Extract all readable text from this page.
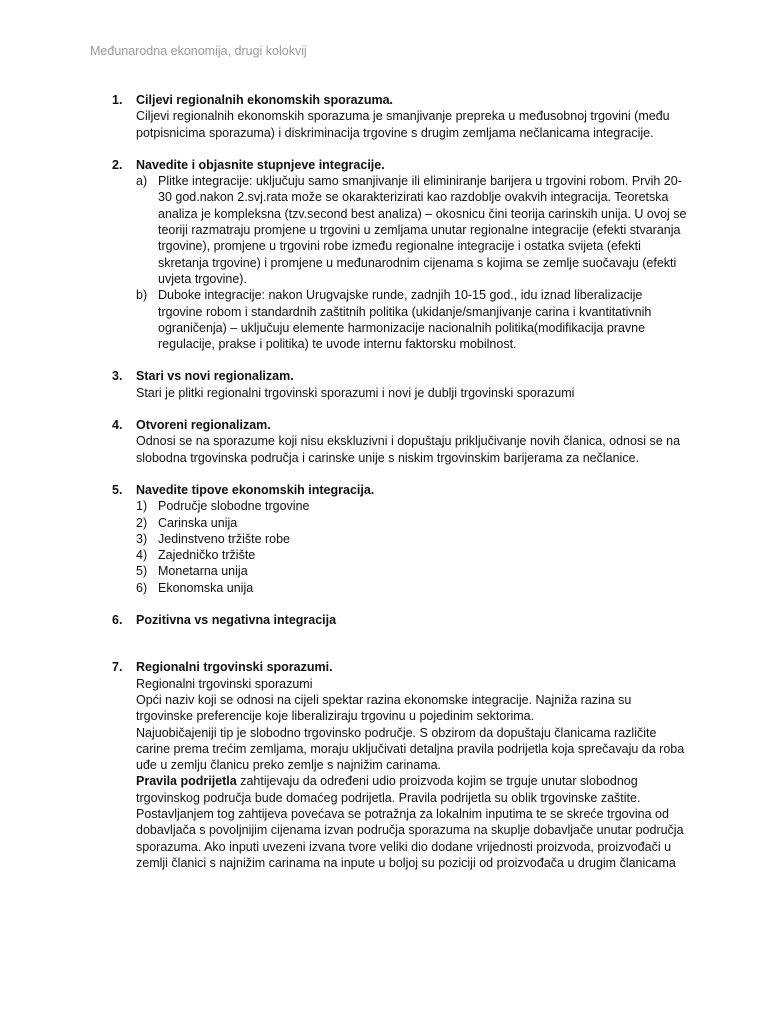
Međunarodna ekonomija, drugi kolokvij
1. Ciljevi regionalnih ekonomskih sporazuma.
Ciljevi regionalnih ekonomskih sporazuma je smanjivanje prepreka u međusobnoj trgovini (među potpisnicima sporazuma) i diskriminacija trgovine s drugim zemljama nečlanicama integracije.
2. Navedite i objasnite stupnjeve integracije.
a) Plitke integracije: uključuju samo smanjivanje ili eliminiranje barijera u trgovini robom. Prvih 20-30 god.nakon 2.svj.rata može se okarakterizirati kao razdoblje ovakvih integracija. Teoretska analiza je kompleksna (tzv.second best analiza) – okosnicu čini teorija carinskih unija. U ovoj se teoriji razmatraju promjene u trgovini u zemljama unutar regionalne integracije (efekti stvaranja trgovine), promjene u trgovini robe između regionalne integracije i ostatka svijeta (efekti skretanja trgovine) i promjene u međunarodnim cijenama s kojima se zemlje suočavaju (efekti uvjeta trgovine).
b) Duboke integracije: nakon Urugvajske runde, zadnjih 10-15 god., idu iznad liberalizacije trgovine robom i standardnih zaštitnih politika (ukidanje/smanjivanje carina i kvantitativnih ograničenja) – uključuju elemente harmonizacije nacionalnih politika(modifikacija pravne regulacije, prakse i politika) te uvode internu faktorsku mobilnost.
3. Stari vs novi regionalizam.
Stari je plitki regionalni trgovinski sporazumi i novi je dublji trgovinski sporazumi
4. Otvoreni regionalizam.
Odnosi se na sporazume koji nisu ekskluzivni i dopuštaju priključivanje novih članica, odnosi se na slobodna trgovinska područja i carinske unije s niskim trgovinskim barijerama za nečlanice.
5. Navedite tipove ekonomskih integracija.
1) Područje slobodne trgovine
2) Carinska unija
3) Jedinstveno tržište robe
4) Zajedničko tržište
5) Monetarna unija
6) Ekonomska unija
6. Pozitivna vs negativna integracija
7. Regionalni trgovinski sporazumi.
Regionalni trgovinski sporazumi
Opći naziv koji se odnosi na cijeli spektar razina ekonomske integracije. Najniža razina su trgovinske preferencije koje liberaliziraju trgovinu u pojedinim sektorima.
Najuobičajeniji tip je slobodno trgovinsko područje. S obzirom da dopuštaju članicama različite carine prema trećim zemljama, moraju uključivati detaljna pravila podrijetla koja sprečavaju da roba uđe u zemlju članicu preko zemlje s najnižim carinama.
Pravila podrijetla zahtijevaju da određeni udio proizvoda kojim se trguje unutar slobodnog trgovinskog područja bude domaćeg podrijetla. Pravila podrijetla su oblik trgovinske zaštite. Postavljanjem tog zahtijeva povećava se potražnja za lokalnim inputima te se skreće trgovina od dobavljača s povoljnijim cijenama izvan područja sporazuma na skuplje dobavljače unutar područja sporazuma. Ako inputi uvezeni izvana tvore veliki dio dodane vrijednosti proizvoda, proizvođači u zemlji članici s najnižim carinama na inpute u boljoj su poziciji od proizvođača u drugim članicama
